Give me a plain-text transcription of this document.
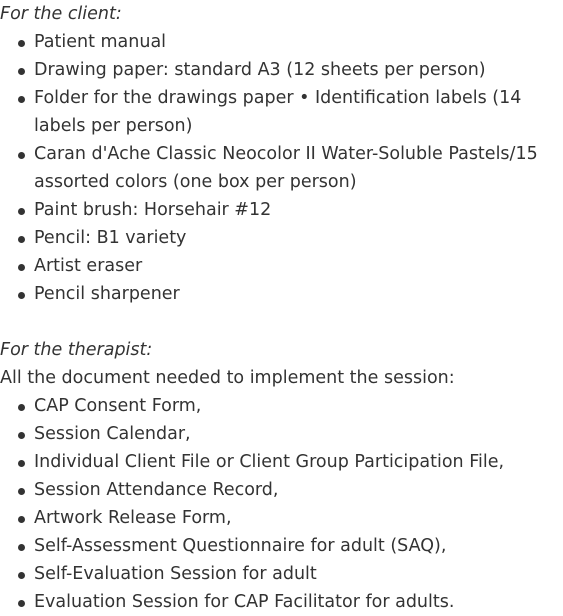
For the client:

Patient manual
Drawing paper: standard A3 (12 sheets per person)
Folder for the drawings paper • Identification labels (14 labels per person)
Caran d'Ache Classic Neocolor II Water-Soluble Pastels/15 assorted colors (one box per person)
Paint brush: Horsehair #12
Pencil: B1 variety
Artist eraser
Pencil sharpener

For the therapist:

All the document needed to implement the session:

CAP Consent Form,
Session Calendar,
Individual Client File or Client Group Participation File,
Session Attendance Record,
Artwork Release Form,
Self-Assessment Questionnaire for adult (SAQ),
Self-Evaluation Session for adult
Evaluation Session for CAP Facilitator for adults.
